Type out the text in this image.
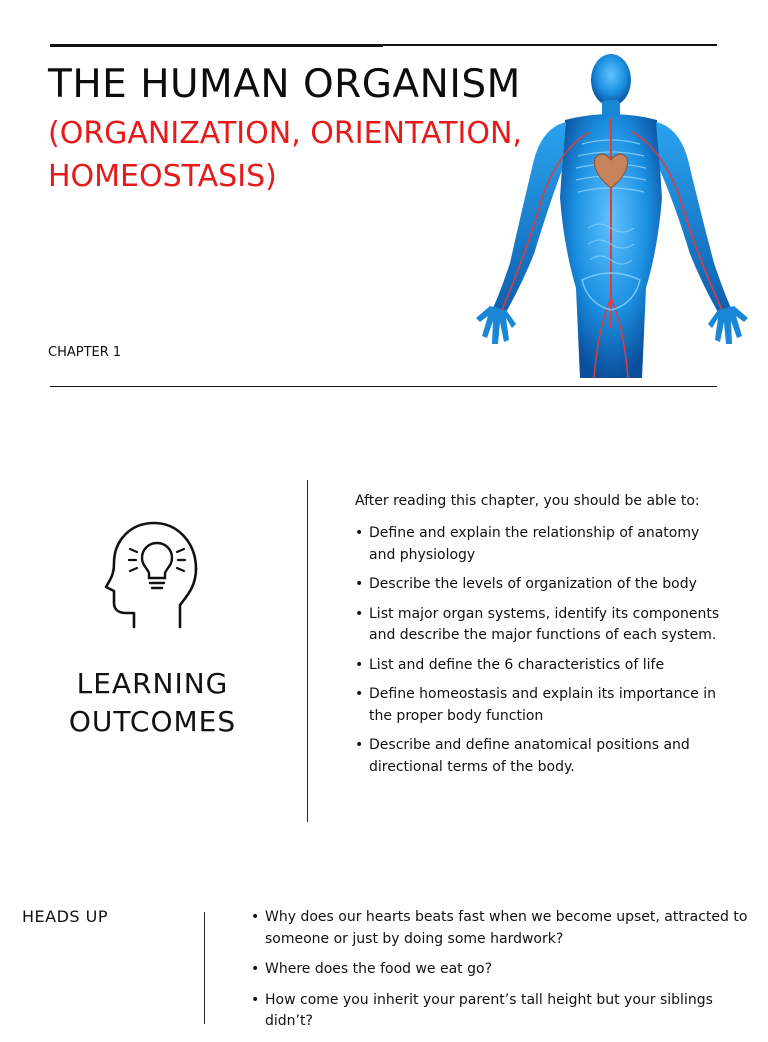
THE HUMAN ORGANISM
(ORGANIZATION, ORIENTATION, HOMEOSTASIS)
CHAPTER 1
LEARNING
OUTCOMES
After reading this chapter, you should be able to:
• Define and explain the relationship of anatomy and physiology
• Describe the levels of organization of the body
• List major organ systems, identify its components and describe the major functions of each system.
• List and define the 6 characteristics of life
• Define homeostasis and explain its importance in the proper body function
• Describe and define anatomical positions and directional terms of the body.
HEADS UP
•	Why does our hearts beats fast when we become upset, attracted to someone or just by doing some hardwork?
• Where does the food we eat go?
• How come you inherit your parent’s tall height but your siblings didn’t?
